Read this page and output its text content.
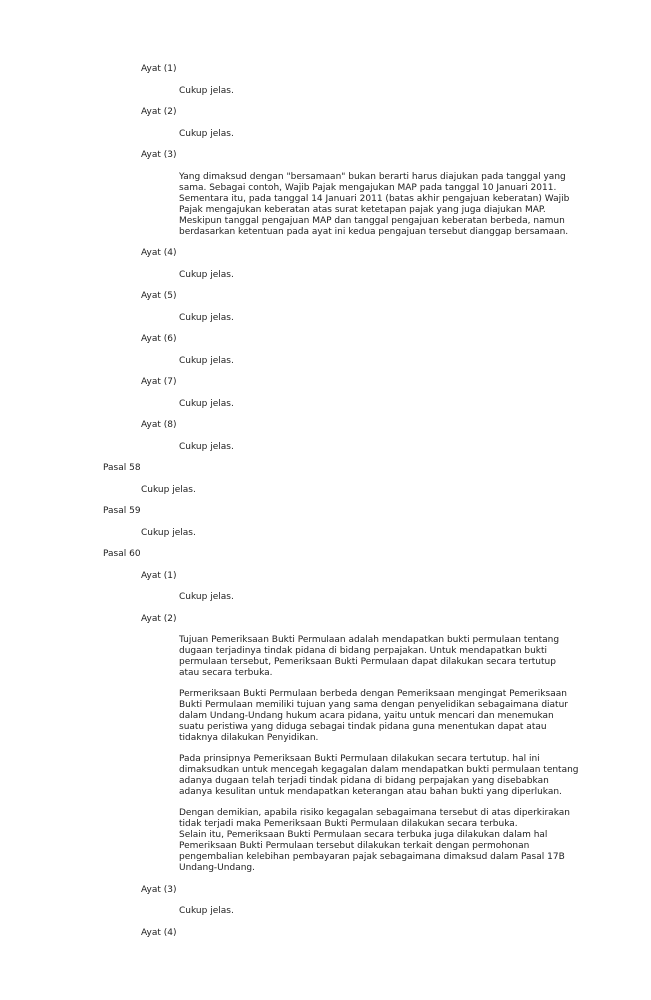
Ayat (1)
Cukup jelas.
Ayat (2)
Cukup jelas.
Ayat (3)
Yang dimaksud dengan "bersamaan" bukan berarti harus diajukan pada tanggal yang
sama. Sebagai contoh, Wajib Pajak mengajukan MAP pada tanggal 10 Januari 2011.
Sementara itu, pada tanggal 14 Januari 2011 (batas akhir pengajuan keberatan) Wajib
Pajak mengajukan keberatan atas surat ketetapan pajak yang juga diajukan MAP.
Meskipun tanggal pengajuan MAP dan tanggal pengajuan keberatan berbeda, namun
berdasarkan ketentuan pada ayat ini kedua pengajuan tersebut dianggap bersamaan.
Ayat (4)
Cukup jelas.
Ayat (5)
Cukup jelas.
Ayat (6)
Cukup jelas.
Ayat (7)
Cukup jelas.
Ayat (8)
Cukup jelas.
Pasal 58
Cukup jelas.
Pasal 59
Cukup jelas.
Pasal 60
Ayat (1)
Cukup jelas.
Ayat (2)
Tujuan Pemeriksaan Bukti Permulaan adalah mendapatkan bukti permulaan tentang
dugaan terjadinya tindak pidana di bidang perpajakan. Untuk mendapatkan bukti
permulaan tersebut, Pemeriksaan Bukti Permulaan dapat dilakukan secara tertutup
atau secara terbuka.
Permeriksaan Bukti Permulaan berbeda dengan Pemeriksaan mengingat Pemeriksaan
Bukti Permulaan memiliki tujuan yang sama dengan penyelidikan sebagaimana diatur
dalam Undang-Undang hukum acara pidana, yaitu untuk mencari dan menemukan
suatu peristiwa yang diduga sebagai tindak pidana guna menentukan dapat atau
tidaknya dilakukan Penyidikan.
Pada prinsipnya Pemeriksaan Bukti Permulaan dilakukan secara tertutup. hal ini
dimaksudkan untuk mencegah kegagalan dalam mendapatkan bukti permulaan tentang
adanya dugaan telah terjadi tindak pidana di bidang perpajakan yang disebabkan
adanya kesulitan untuk mendapatkan keterangan atau bahan bukti yang diperlukan.
Dengan demikian, apabila risiko kegagalan sebagaimana tersebut di atas diperkirakan
tidak terjadi maka Pemeriksaan Bukti Permulaan dilakukan secara terbuka.
Selain itu, Pemeriksaan Bukti Permulaan secara terbuka juga dilakukan dalam hal
Pemeriksaan Bukti Permulaan tersebut dilakukan terkait dengan permohonan
pengembalian kelebihan pembayaran pajak sebagaimana dimaksud dalam Pasal 17B
Undang-Undang.
Ayat (3)
Cukup jelas.
Ayat (4)
